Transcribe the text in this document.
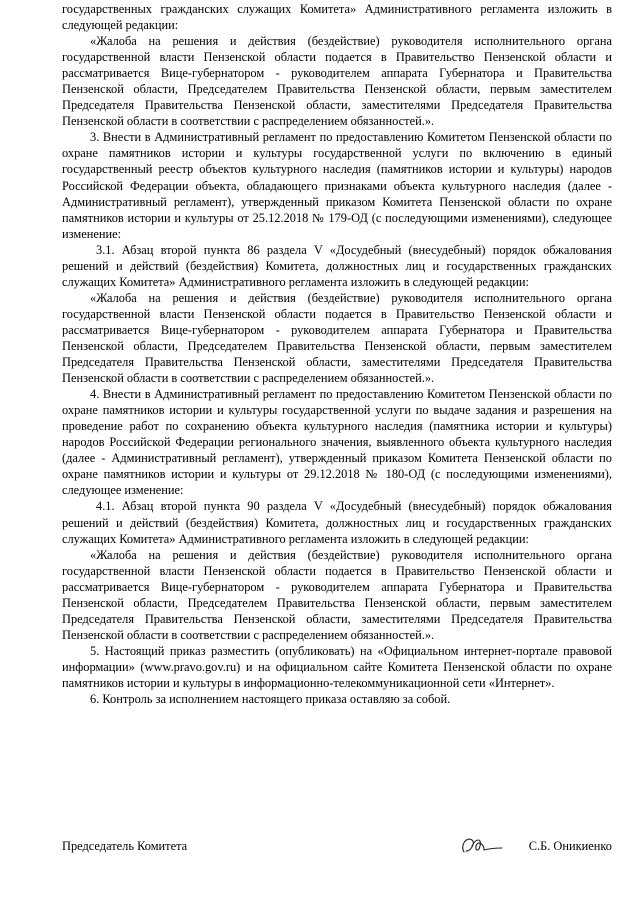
государственных гражданских служащих Комитета» Административного регламента изложить в следующей редакции:

«Жалоба на решения и действия (бездействие) руководителя исполнительного органа государственной власти Пензенской области подается в Правительство Пензенской области и рассматривается Вице-губернатором - руководителем аппарата Губернатора и Правительства Пензенской области, Председателем Правительства Пензенской области, первым заместителем Председателя Правительства Пензенской области, заместителями Председателя Правительства Пензенской области в соответствии с распределением обязанностей.».

3. Внести в Административный регламент по предоставлению Комитетом Пензенской области по охране памятников истории и культуры государственной услуги по включению в единый государственный реестр объектов культурного наследия (памятников истории и культуры) народов Российской Федерации объекта, обладающего признаками объекта культурного наследия (далее - Административный регламент), утвержденный приказом Комитета Пензенской области по охране памятников истории и культуры от 25.12.2018 № 179-ОД (с последующими изменениями), следующее изменение:

3.1. Абзац второй пункта 86 раздела V «Досудебный (внесудебный) порядок обжалования решений и действий (бездействия) Комитета, должностных лиц и государственных гражданских служащих Комитета» Административного регламента изложить в следующей редакции:

«Жалоба на решения и действия (бездействие) руководителя исполнительного органа государственной власти Пензенской области подается в Правительство Пензенской области и рассматривается Вице-губернатором - руководителем аппарата Губернатора и Правительства Пензенской области, Председателем Правительства Пензенской области, первым заместителем Председателя Правительства Пензенской области, заместителями Председателя Правительства Пензенской области в соответствии с распределением обязанностей.».

4. Внести в Административный регламент по предоставлению Комитетом Пензенской области по охране памятников истории и культуры государственной услуги по выдаче задания и разрешения на проведение работ по сохранению объекта культурного наследия (памятника истории и культуры) народов Российской Федерации регионального значения, выявленного объекта культурного наследия (далее - Административный регламент), утвержденный приказом Комитета Пензенской области по охране памятников истории и культуры от 29.12.2018 № 180-ОД (с последующими изменениями), следующее изменение:

4.1. Абзац второй пункта 90 раздела V «Досудебный (внесудебный) порядок обжалования решений и действий (бездействия) Комитета, должностных лиц и государственных гражданских служащих Комитета» Административного регламента изложить в следующей редакции:

«Жалоба на решения и действия (бездействие) руководителя исполнительного органа государственной власти Пензенской области подается в Правительство Пензенской области и рассматривается Вице-губернатором - руководителем аппарата Губернатора и Правительства Пензенской области, Председателем Правительства Пензенской области, первым заместителем Председателя Правительства Пензенской области, заместителями Председателя Правительства Пензенской области в соответствии с распределением обязанностей.».

5. Настоящий приказ разместить (опубликовать) на «Официальном интернет-портале правовой информации» (www.pravo.gov.ru) и на официальном сайте Комитета Пензенской области по охране памятников истории и культуры в информационно-телекоммуникационной сети «Интернет».

6. Контроль за исполнением настоящего приказа оставляю за собой.

Председатель Комитета	С.Б. Оникиенко
